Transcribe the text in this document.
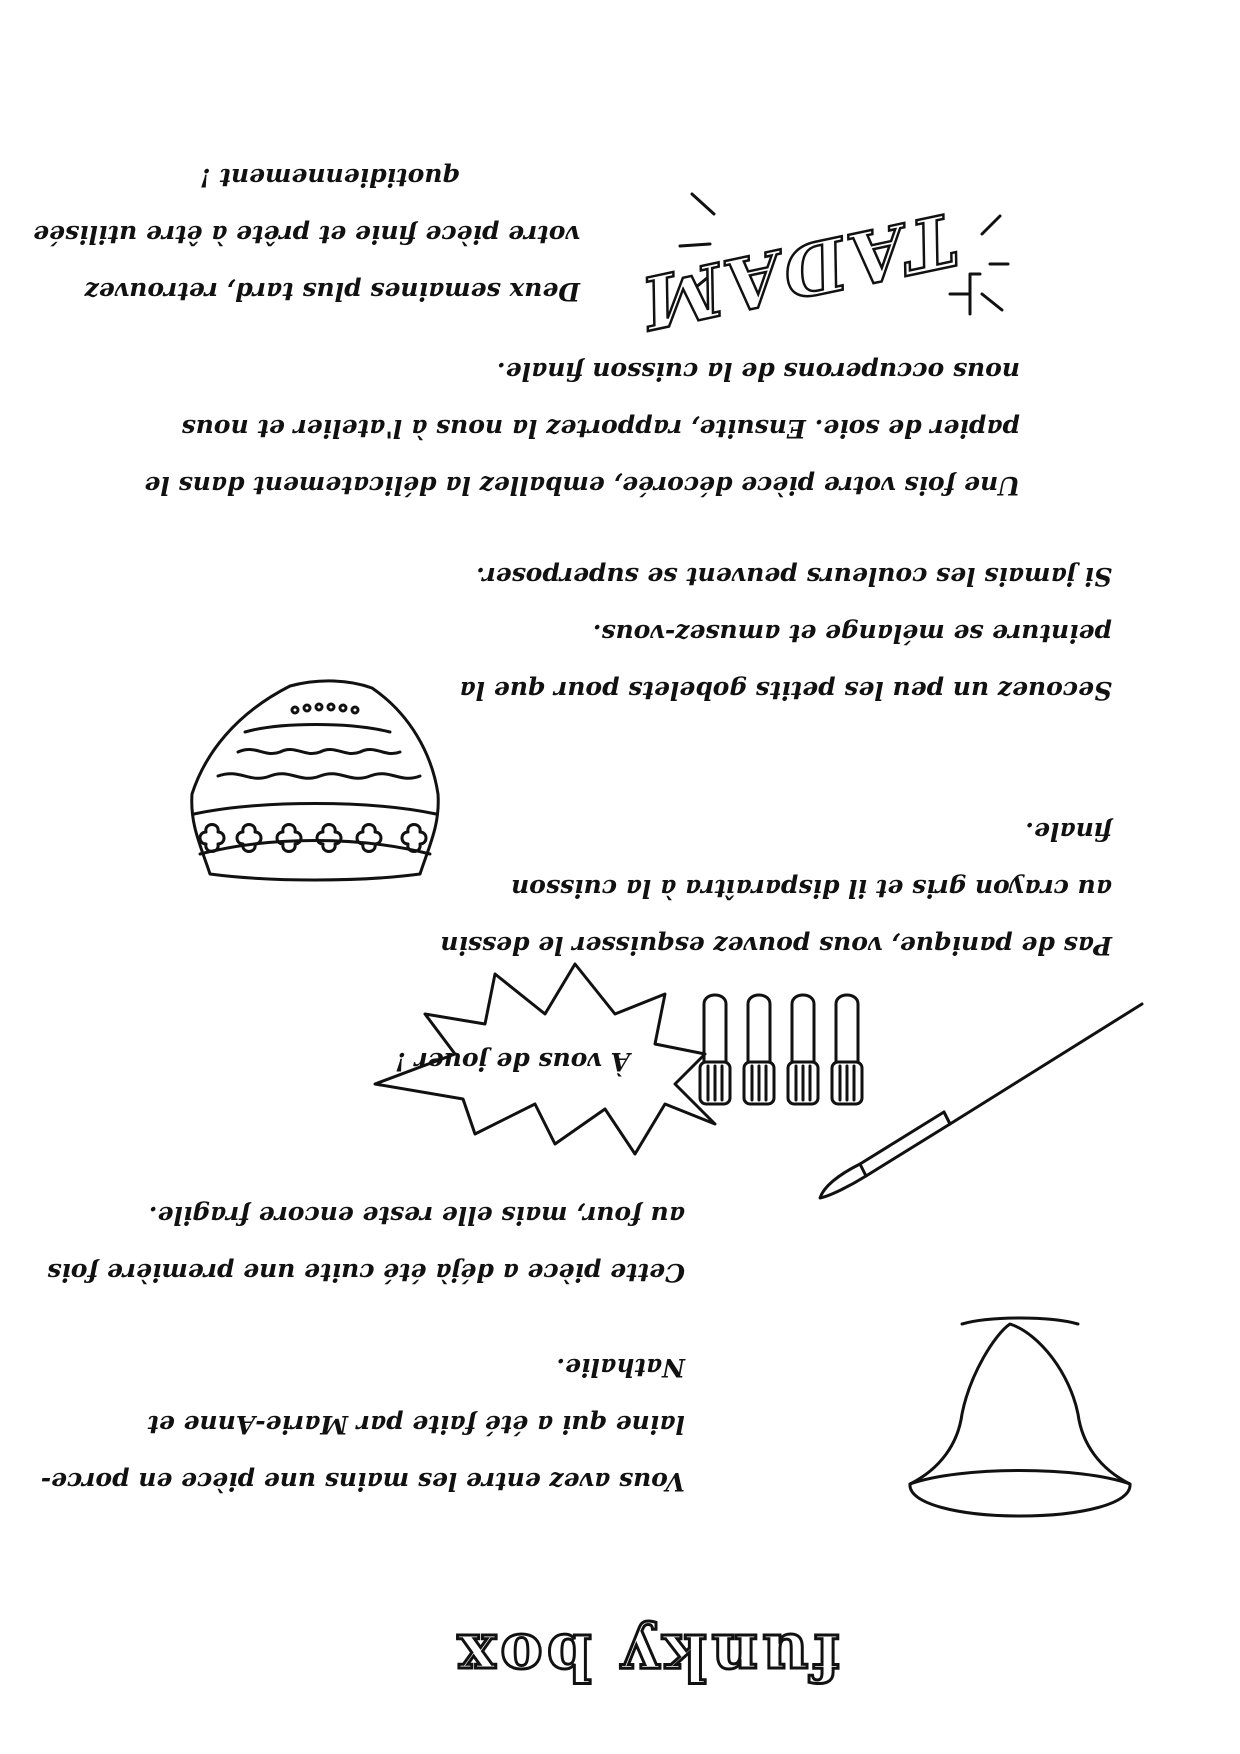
funky box
Vous avez entre les mains une pièce en porce-
laine qui a été faite par Marie-Anne et
Nathalie.
Cette pièce a déjà été cuite une première fois
au four, mais elle reste encore fragile.
À vous de jouer !
Pas de panique, vous pouvez esquisser le dessin
au crayon gris et il disparaîtra à la cuisson
finale.
Secouez un peu les petits gobelets pour que la
peinture se mélange et amusez-vous.
Si jamais les couleurs peuvent se superposer.
Une fois votre pièce décorée, emballez la délicatement dans le
papier de soie. Ensuite, rapportez la nous à l'atelier et nous
nous occuperons de la cuisson finale.
TADAM
Deux semaines plus tard, retrouvez
votre pièce finie et prête à être utilisée
quotidiennement !
